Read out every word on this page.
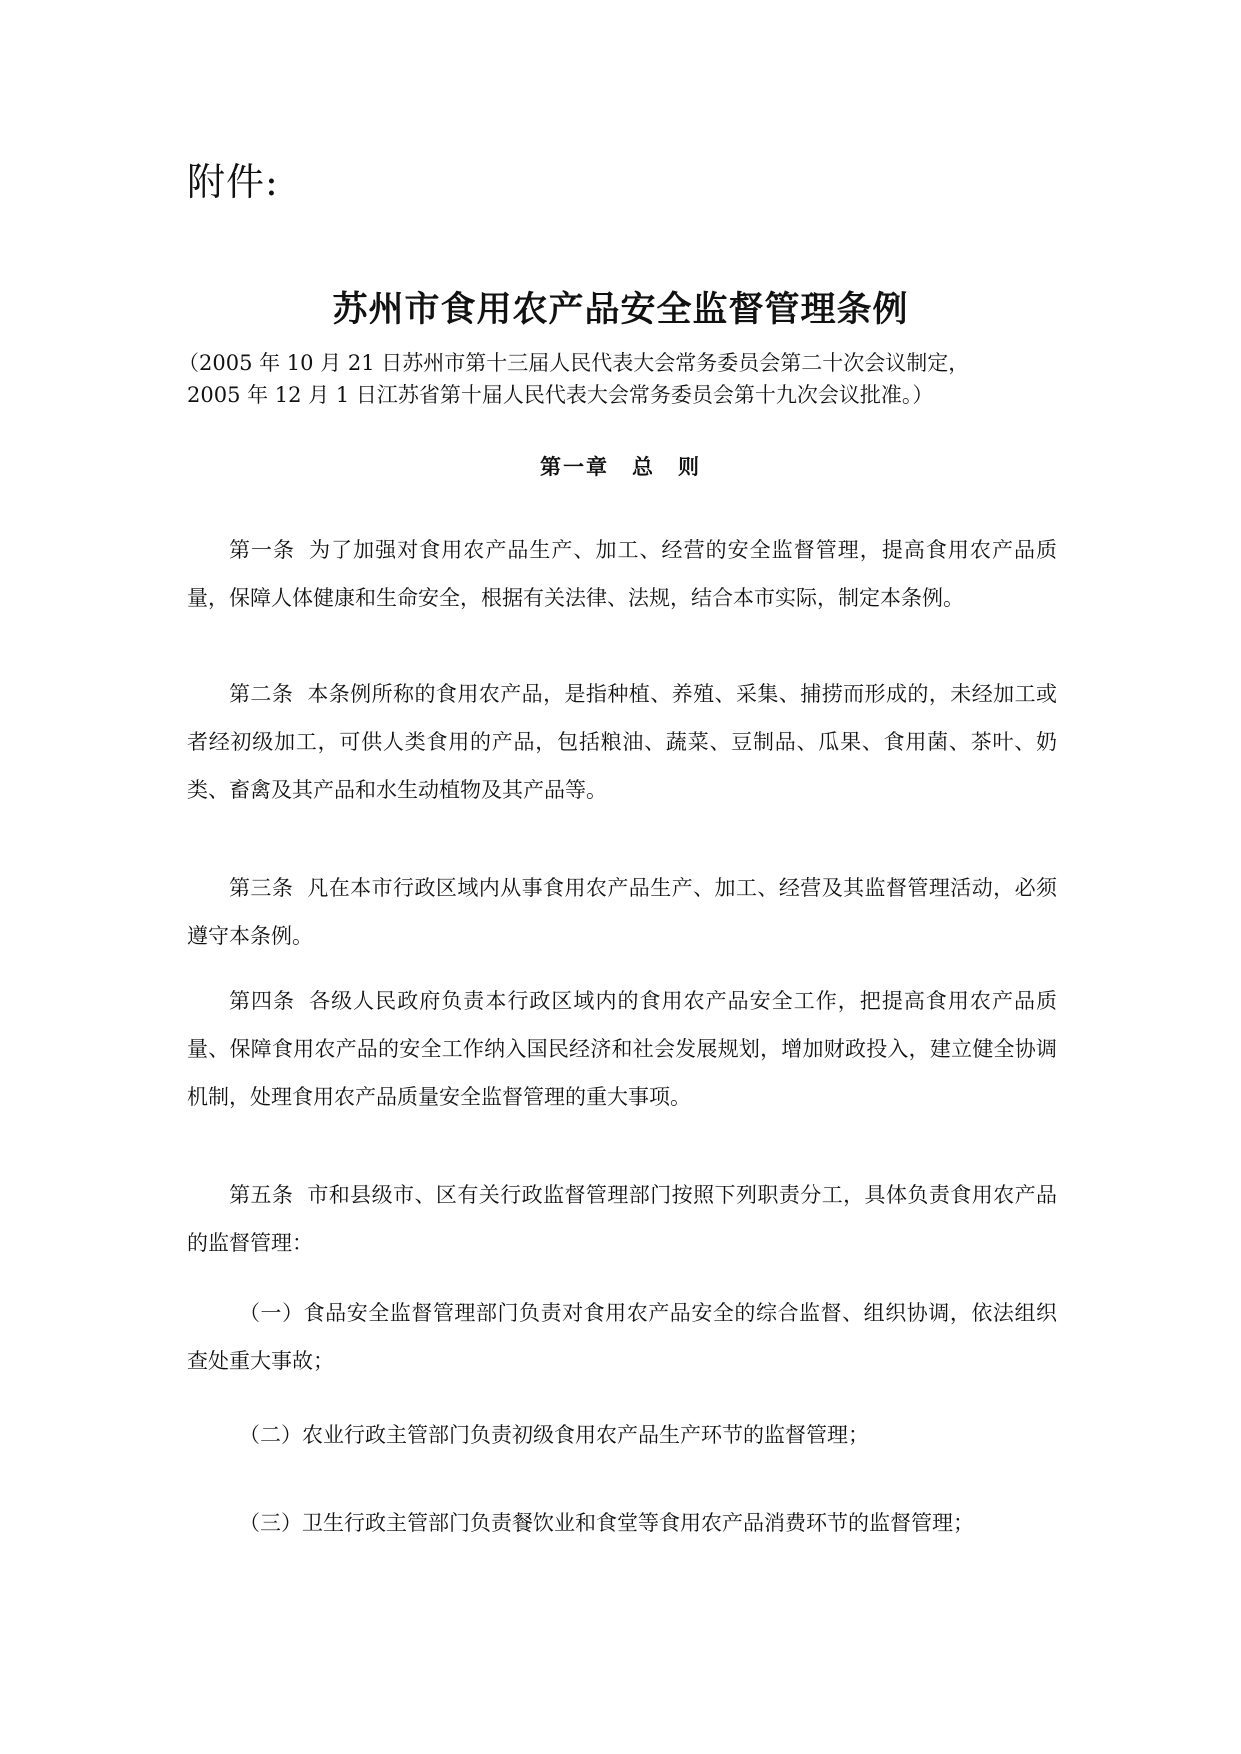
附件:
苏州市食用农产品安全监督管理条例
（2005 年 10 月 21 日苏州市第十三届人民代表大会常务委员会第二十次会议制定，
2005 年 12 月 1 日江苏省第十届人民代表大会常务委员会第十九次会议批准。）
第一章　总　则
第一条 为了加强对食用农产品生产、加工、经营的安全监督管理，提高食用农产品质量，保障人体健康和生命安全，根据有关法律、法规，结合本市实际，制定本条例。
第二条 本条例所称的食用农产品，是指种植、养殖、采集、捕捞而形成的，未经加工或者经初级加工，可供人类食用的产品，包括粮油、蔬菜、豆制品、瓜果、食用菌、茶叶、奶类、畜禽及其产品和水生动植物及其产品等。
第三条 凡在本市行政区域内从事食用农产品生产、加工、经营及其监督管理活动，必须遵守本条例。
第四条 各级人民政府负责本行政区域内的食用农产品安全工作，把提高食用农产品质量、保障食用农产品的安全工作纳入国民经济和社会发展规划，增加财政投入，建立健全协调机制，处理食用农产品质量安全监督管理的重大事项。
第五条 市和县级市、区有关行政监督管理部门按照下列职责分工，具体负责食用农产品的监督管理：
（一）食品安全监督管理部门负责对食用农产品安全的综合监督、组织协调，依法组织查处重大事故；
（二）农业行政主管部门负责初级食用农产品生产环节的监督管理；
（三）卫生行政主管部门负责餐饮业和食堂等食用农产品消费环节的监督管理；
